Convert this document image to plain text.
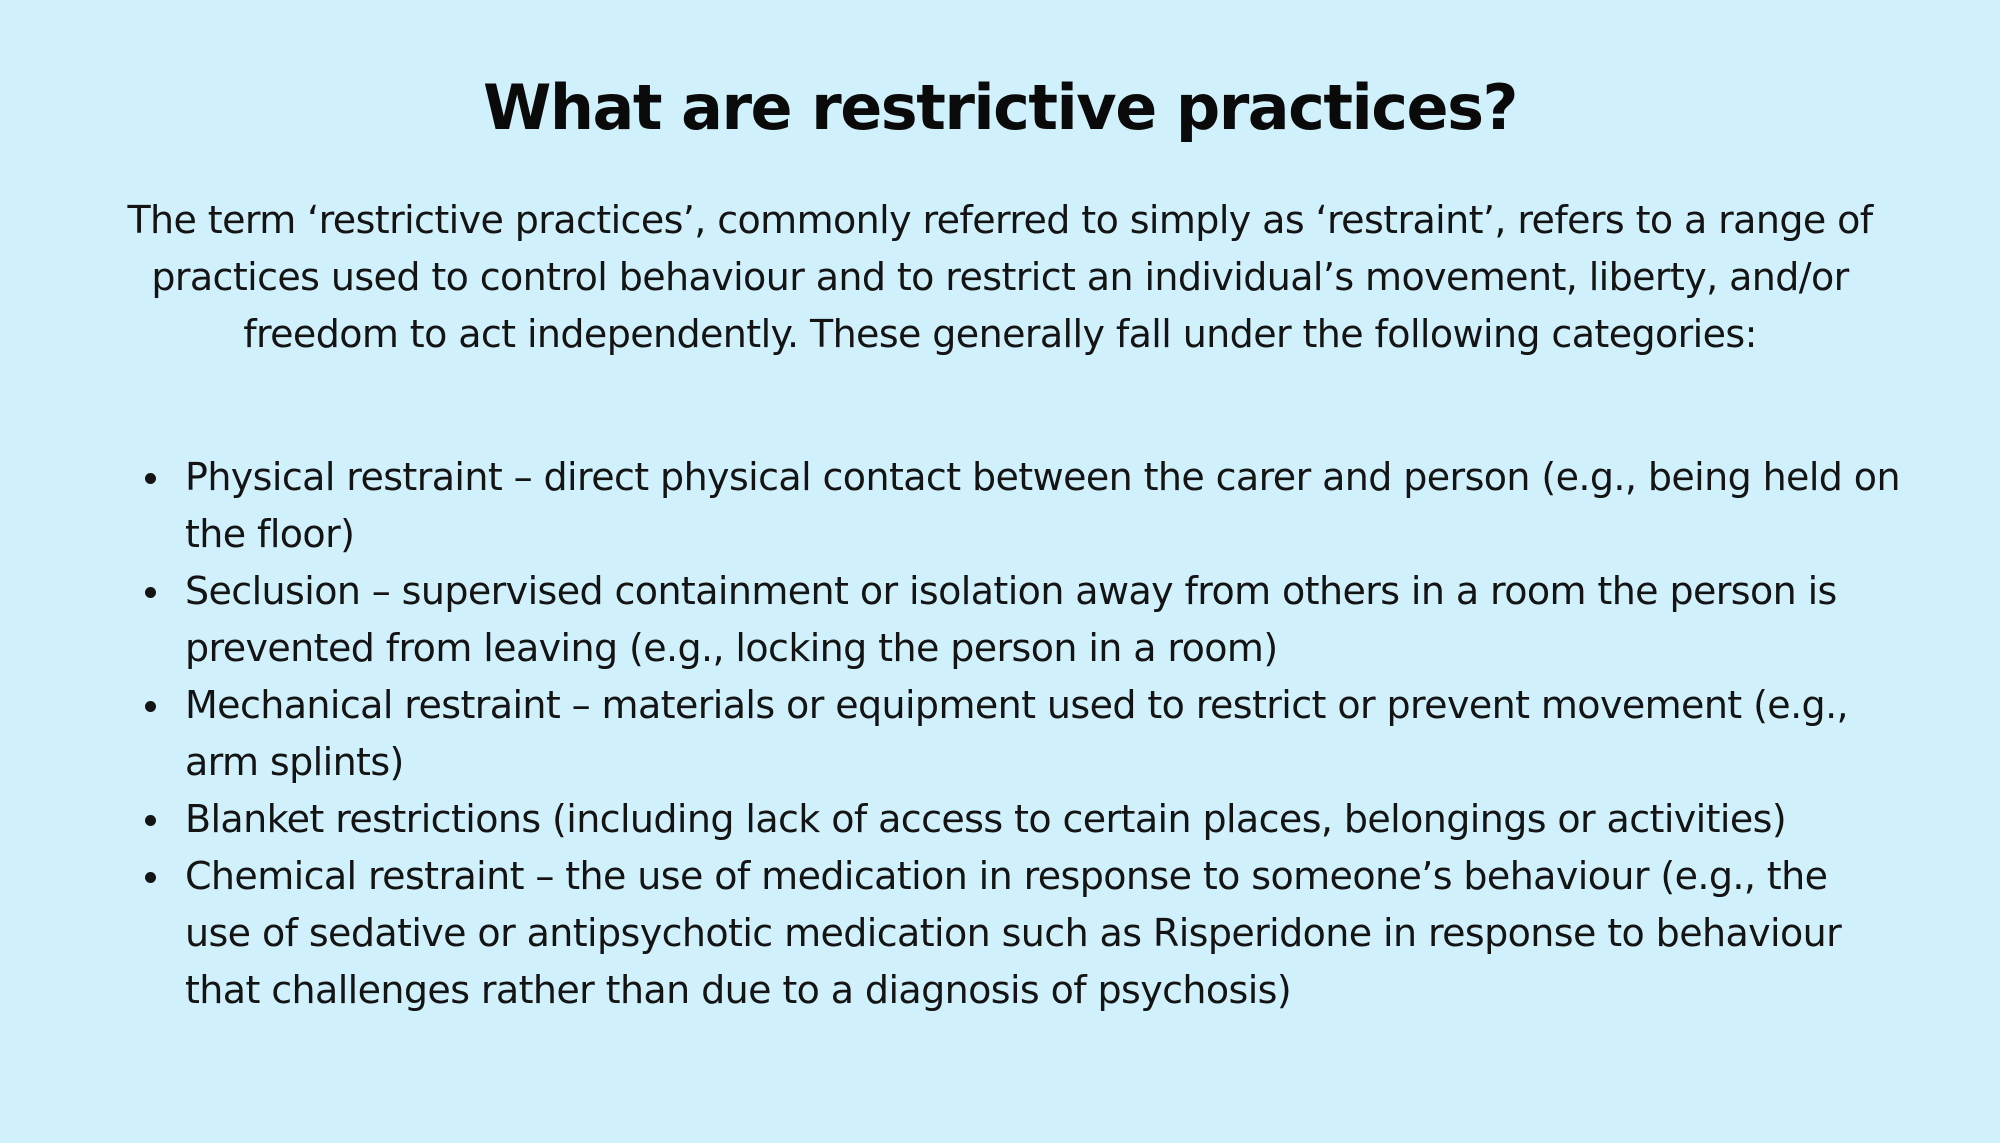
What are restrictive practices?

The term ‘restrictive practices’, commonly referred to simply as ‘restraint’, refers to a range of practices used to control behaviour and to restrict an individual’s movement, liberty, and/or freedom to act independently. These generally fall under the following categories:

Physical restraint – direct physical contact between the carer and person (e.g., being held on the floor)
Seclusion – supervised containment or isolation away from others in a room the person is prevented from leaving (e.g., locking the person in a room)
Mechanical restraint – materials or equipment used to restrict or prevent movement (e.g., arm splints)
Blanket restrictions (including lack of access to certain places, belongings or activities)
Chemical restraint – the use of medication in response to someone’s behaviour (e.g., the use of sedative or antipsychotic medication such as Risperidone in response to behaviour that challenges rather than due to a diagnosis of psychosis)
